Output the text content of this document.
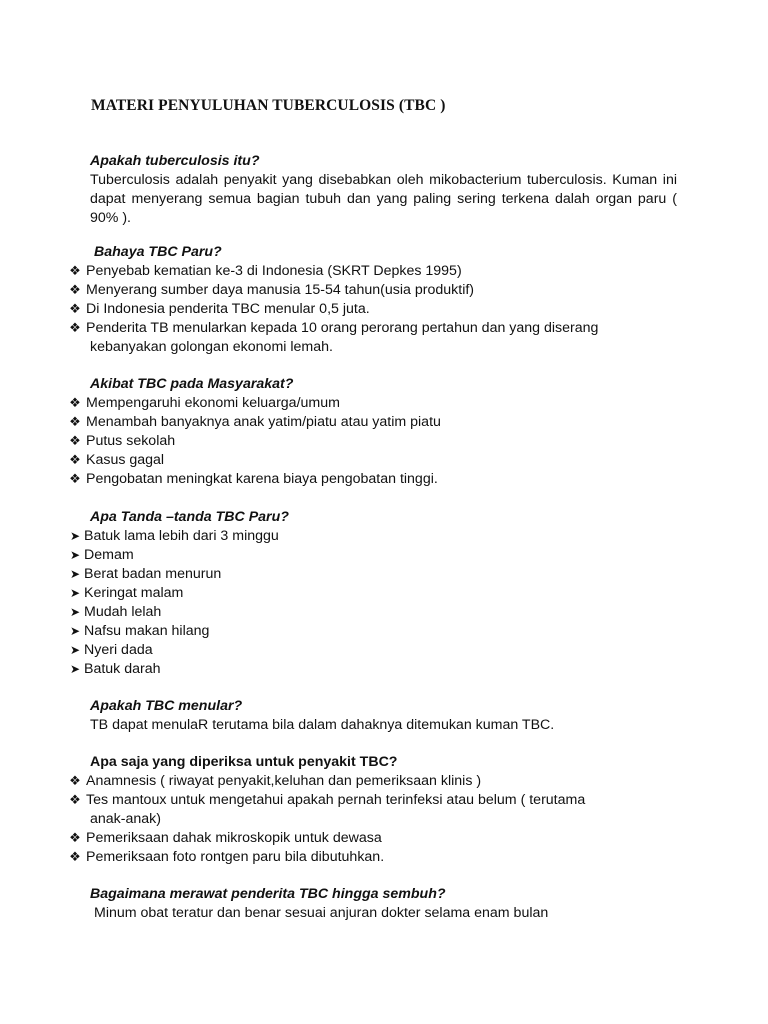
MATERI PENYULUHAN TUBERCULOSIS (TBC )

Apakah tuberculosis itu?

Tuberculosis adalah penyakit yang disebabkan oleh mikobacterium tuberculosis. Kuman ini dapat menyerang semua bagian tubuh dan yang paling sering terkena dalah organ paru ( 90% ).

Bahaya TBC Paru?

❖ Penyebab kematian ke-3 di Indonesia (SKRT Depkes 1995)
❖ Menyerang sumber daya manusia 15-54 tahun(usia produktif)
❖ Di Indonesia penderita TBC menular 0,5 juta.
❖ Penderita TB menularkan kepada 10 orang perorang pertahun dan yang diserang

kebanyakan golongan ekonomi lemah.

Akibat TBC pada Masyarakat?

❖ Mempengaruhi ekonomi keluarga/umum
❖ Menambah banyaknya anak yatim/piatu atau yatim piatu
❖ Putus sekolah
❖ Kasus gagal
❖ Pengobatan meningkat karena biaya pengobatan tinggi.

Apa Tanda –tanda TBC Paru?

➤ Batuk lama lebih dari 3 minggu
➤ Demam
➤ Berat badan menurun
➤ Keringat malam
➤ Mudah lelah
➤ Nafsu makan hilang
➤ Nyeri dada
➤ Batuk darah

Apakah TBC menular?

TB dapat menulaR terutama bila dalam dahaknya ditemukan kuman TBC.

Apa saja yang diperiksa untuk penyakit TBC?

❖ Anamnesis ( riwayat penyakit,keluhan dan pemeriksaan klinis )
❖ Tes mantoux untuk mengetahui apakah pernah terinfeksi atau belum ( terutama

anak-anak)

❖ Pemeriksaan dahak mikroskopik untuk dewasa
❖ Pemeriksaan foto rontgen paru bila dibutuhkan.

Bagaimana merawat penderita TBC hingga sembuh?

Minum obat teratur dan benar sesuai anjuran dokter selama enam bulan
